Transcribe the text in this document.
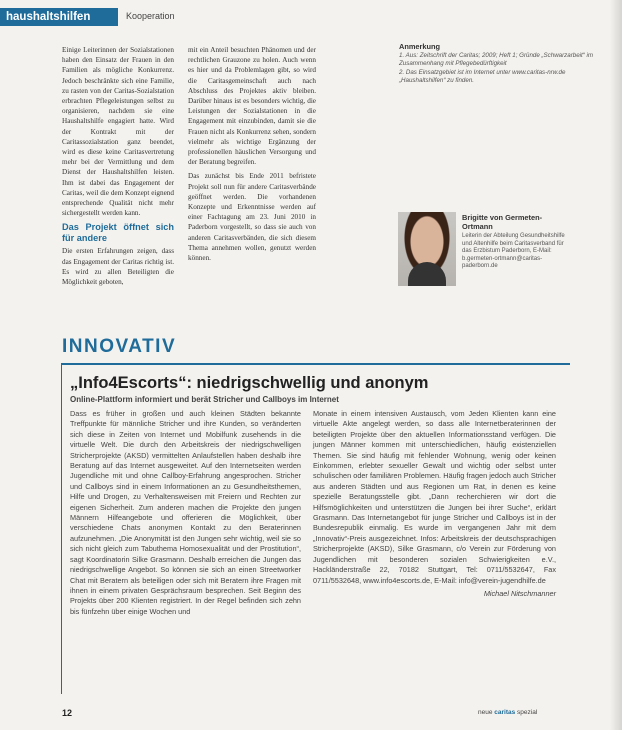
haushaltshilfen	Kooperation

Einige Leiterinnen der Sozialstationen haben den Einsatz der Frauen in den Familien als mögliche Konkurrenz. Jedoch beschränkte sich eine Familie, zu rasten von der Caritas-Sozialstation erbrachten Pflegeleistungen selbst zu organisieren, nachdem sie eine Haushaltshilfe engagiert hatte. Wird der Kontrakt mit der Caritassozialstation ganz beendet, wird es diese keine Caritasvertretung mehr bei der Vermittlung und dem Dienst der Haushaltshilfen leisten. Ihm ist dabei das Engagement der Caritas, weil die dem Konzept eignend entsprechende Qualität nicht mehr sichergestellt werden kann.

Das Projekt öffnet sich für andere

Die ersten Erfahrungen zeigen, dass das Engagement der Caritas richtig ist. Es wird zu allen Beteiligten die Möglichkeit geboten,

mit ein Anteil besuchten Phänomen und der rechtlichen Grauzone zu holen. Auch wenn es hier und da Problemlagen gibt, so wird die Caritasgemeinschaft auch nach Abschluss des Projektes aktiv bleiben. Darüber hinaus ist es besonders wichtig, die Leistungen der Sozialstationen in die Engagement mit einzubinden, damit sie die Frauen nicht als Konkurrenz sehen, sondern vielmehr als wichtige Ergänzung der professionellen häuslichen Versorgung und der Beratung begreifen.

Das zunächst bis Ende 2011 befristete Projekt soll nun für andere Caritasverbände geöffnet werden. Die vorhandenen Konzepte und Erkenntnisse werden auf einer Fachtagung am 23. Juni 2010 in Paderborn vorgestellt, so dass sie auch von anderen Caritasverbänden, die sich diesem Thema annehmen wollen, genutzt werden können.

Anmerkung
1. Aus: Zeitschrift der Caritas; 2009; Heft 1; Gründe „Schwarzarbeit“ im Zusammenhang mit Pflegebedürftigkeit
2. Das Einsatzgebiet ist im Internet unter www.caritas-nrw.de „Haushaltshilfen“ zu finden.
Brigitte von Germeten-Ortmann
Leiterin der Abteilung Gesundheitshilfe und Altenhilfe beim Caritasverband für das Erzbistum Paderborn, E-Mail: b.germeten-ortmann@caritas-paderborn.de
INNOVATIV
„Info4Escorts“: niedrigschwellig und anonym
Online-Plattform informiert und berät Stricher und Callboys im Internet

Dass es früher in großen und auch kleinen Städten bekannte Treffpunkte für männliche Stricher und ihre Kunden, so veränderten sich diese in Zeiten von Internet und Mobilfunk zusehends in die virtuelle Welt. Die durch den Arbeitskreis der niedrigschwelligen Stricherprojekte (AKSD) vermittelten Anlaufstellen haben deshalb ihre Beratung auf das Internet ausgeweitet. Auf den Internetseiten werden Jugendliche mit und ohne Callboy-Erfahrung angesprochen. Stricher und Callboys sind in einem Informationen an zu Gesundheitsthemen, Hilfe und Drogen, zu Verhaltensweisen mit Freiern und Rechten zur eigenen Sicherheit. Zum anderen machen die Projekte den jungen Männern Hilfeangebote und offerieren die Möglichkeit, über verschiedene Chats anonymen Kontakt zu den Beraterinnen aufzunehmen. „Die Anonymität ist den Jungen sehr wichtig, weil sie so sich nicht gleich zum Tabuthema Homosexualität und der Prostitution“, sagt Koordinatorin Silke Grasmann. Deshalb erreichen die Jungen das niedrigschwellige Angebot. So können sie sich an einen Streetworker Chat mit Beratern als beteiligen oder sich mit Beratern ihre Fragen mit ihnen in einem privaten Gesprächsraum besprechen. Seit Beginn des Projekts über 200 Klienten registriert. In der Regel befinden sich zehn bis fünfzehn über einige Wochen und

Monate in einem intensiven Austausch, vom Jeden Klienten kann eine virtuelle Akte angelegt werden, so dass alle Internetberaterinnen der beteiligten Projekte über den aktuellen Informationsstand verfügen. Die jungen Männer kommen mit unterschiedlichen, häufig existenziellen Themen. Sie sind häufig mit fehlender Wohnung, wenig oder keinen Einkommen, erlebter sexueller Gewalt und wichtig oder selbst unter schulischen oder familiären Problemen. Häufig fragen jedoch auch Stricher aus anderen Städten und aus Regionen um Rat, in denen es keine spezielle Beratungsstelle gibt. „Dann recherchieren wir dort die Hilfsmöglichkeiten und unterstützen die Jungen bei ihrer Suche“, erklärt Grasmann. Das Internetangebot für junge Stricher und Callboys ist in der Bundesrepublik einmalig. Es wurde im vergangenen Jahr mit dem „Innovativ“-Preis ausgezeichnet. Infos: Arbeitskreis der deutschsprachigen Stricherprojekte (AKSD), Silke Grasmann, c/o Verein zur Förderung von Jugendlichen mit besonderen sozialen Schwierigkeiten e.V., Hackländerstraße 22, 70182 Stuttgart, Tel: 0711/5532647, Fax 0711/5532648, www.info4escorts.de, E-Mail: info@verein-jugendhilfe.de

Michael Nitschmanner

12	neue caritas spezial
